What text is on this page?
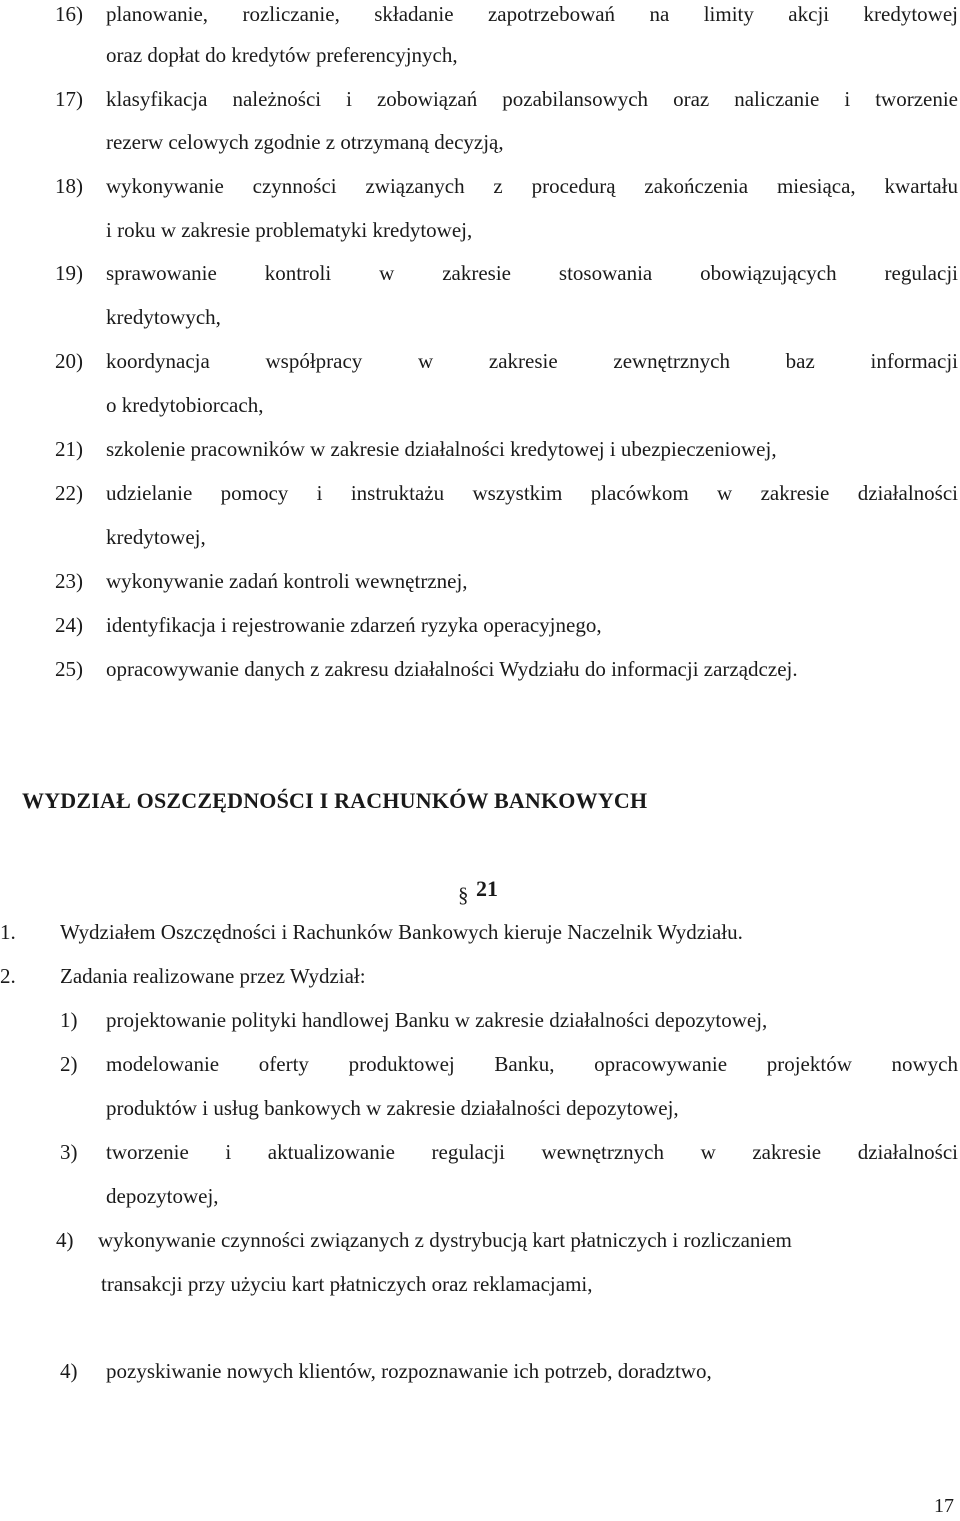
16) planowanie, rozliczanie, składanie zapotrzebowań na limity akcji kredytowej
oraz dopłat do kredytów preferencyjnych,
17) klasyfikacja należności i zobowiązań pozabilansowych oraz naliczanie i tworzenie
rezerw celowych zgodnie z otrzymaną decyzją,
18) wykonywanie czynności związanych z procedurą zakończenia miesiąca, kwartału
i roku w zakresie problematyki kredytowej,
19) sprawowanie kontroli w zakresie stosowania obowiązujących regulacji
kredytowych,
20) koordynacja współpracy w zakresie zewnętrznych baz informacji
o kredytobiorcach,
21) szkolenie pracowników w zakresie działalności kredytowej i ubezpieczeniowej,
22) udzielanie pomocy i instruktażu wszystkim placówkom w zakresie działalności
kredytowej,
23) wykonywanie zadań kontroli wewnętrznej,
24) identyfikacja i rejestrowanie zdarzeń ryzyka operacyjnego,
25) opracowywanie danych z zakresu działalności Wydziału do informacji zarządczej.
WYDZIAŁ OSZCZĘDNOŚCI I RACHUNKÓW BANKOWYCH
§ 21
1. Wydziałem Oszczędności i Rachunków Bankowych kieruje Naczelnik Wydziału.
2. Zadania realizowane przez Wydział:
1) projektowanie polityki handlowej Banku w zakresie działalności depozytowej,
2) modelowanie oferty produktowej Banku, opracowywanie projektów nowych
produktów i usług bankowych w zakresie działalności depozytowej,
3) tworzenie i aktualizowanie regulacji wewnętrznych w zakresie działalności
depozytowej,
4) wykonywanie czynności związanych z dystrybucją kart płatniczych i rozliczaniem
transakcji przy użyciu kart płatniczych oraz reklamacjami,
4) pozyskiwanie nowych klientów, rozpoznawanie ich potrzeb, doradztwo,
17
